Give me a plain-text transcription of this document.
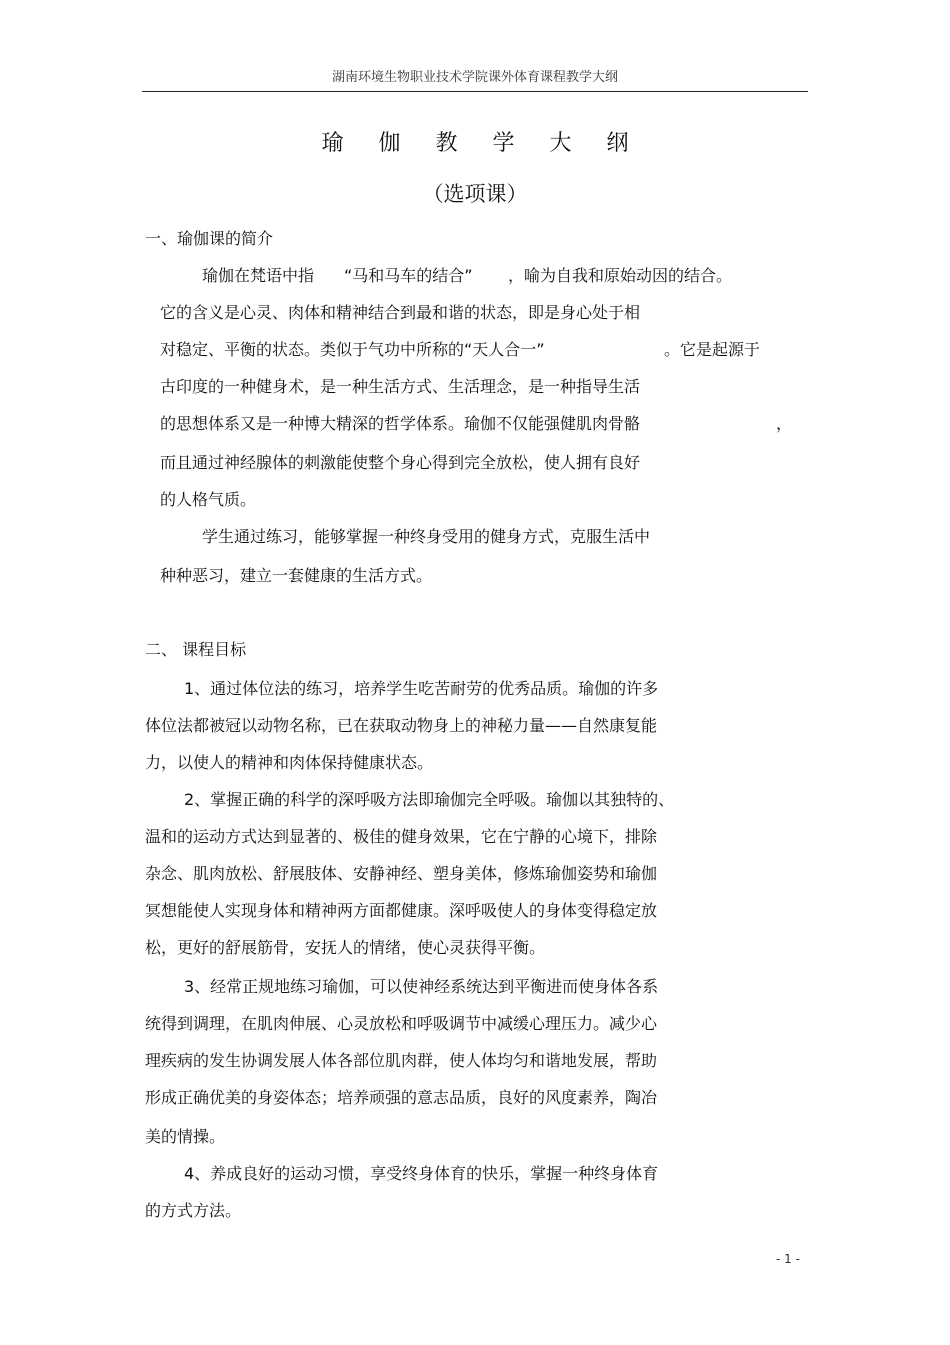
湖南环境生物职业技术学院课外体育课程教学大纲
瑜 伽 教 学 大 纲
（选项课）
一、瑜伽课的简介
瑜伽在梵语中指 “马和马车的结合” ，喻为自我和原始动因的结合。
它的含义是心灵、肉体和精神结合到最和谐的状态，即是身心处于相
对稳定、平衡的状态。类似于气功中所称的“天人合一”	。它是起源于
古印度的一种健身术，是一种生活方式、生活理念，是一种指导生活
的思想体系又是一种博大精深的哲学体系。瑜伽不仅能强健肌肉骨骼	，
而且通过神经腺体的刺激能使整个身心得到完全放松，使人拥有良好
的人格气质。
学生通过练习，能够掌握一种终身受用的健身方式，克服生活中
种种恶习，建立一套健康的生活方式。
二、 课程目标
1、通过体位法的练习，培养学生吃苦耐劳的优秀品质。瑜伽的许多
体位法都被冠以动物名称，已在获取动物身上的神秘力量——自然康复能
力，以使人的精神和肉体保持健康状态。
2、掌握正确的科学的深呼吸方法即瑜伽完全呼吸。瑜伽以其独特的、
温和的运动方式达到显著的、极佳的健身效果，它在宁静的心境下，排除
杂念、肌肉放松、舒展肢体、安静神经、塑身美体，修炼瑜伽姿势和瑜伽
冥想能使人实现身体和精神两方面都健康。深呼吸使人的身体变得稳定放
松，更好的舒展筋骨，安抚人的情绪，使心灵获得平衡。
3、经常正规地练习瑜伽，可以使神经系统达到平衡进而使身体各系
统得到调理，在肌肉伸展、心灵放松和呼吸调节中减缓心理压力。减少心
理疾病的发生协调发展人体各部位肌肉群，使人体均匀和谐地发展，帮助
形成正确优美的身姿体态；培养顽强的意志品质，良好的风度素养，陶冶
美的情操。
4、养成良好的运动习惯，享受终身体育的快乐，掌握一种终身体育
的方式方法。
- 1 -
